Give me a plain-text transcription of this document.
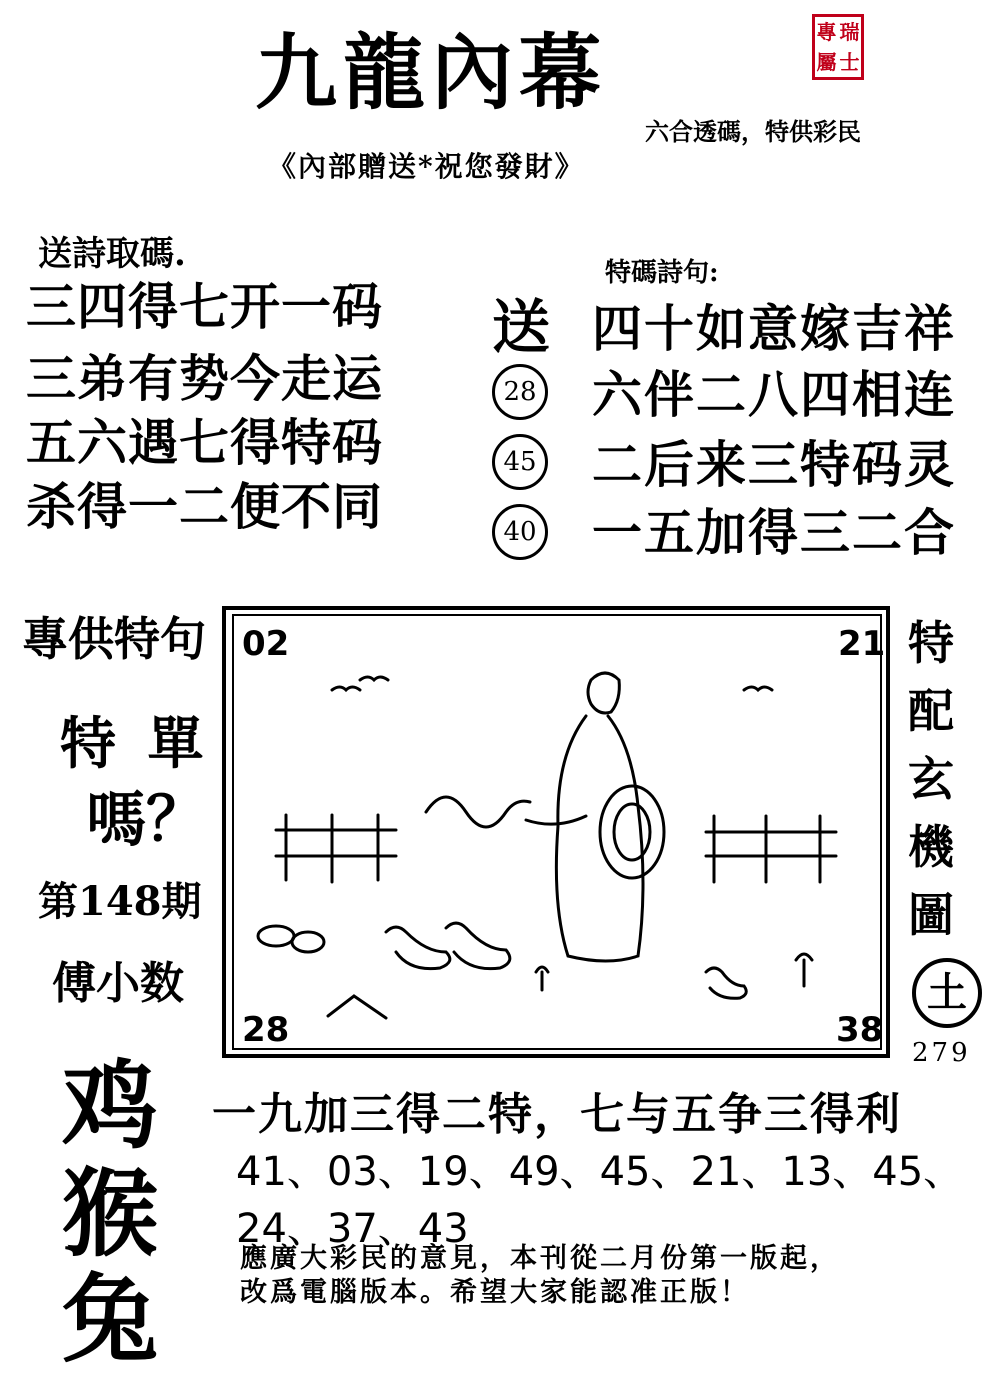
九龍內幕
六合透碼，特供彩民
《內部贈送*祝您發財》
專 瑞
屬 士
送詩取碼.
三四得七开一码
三弟有势今走运
五六遇七得特码
杀得一二便不同
特碼詩句:
送
28
45
40
四十如意嫁吉祥
六伴二八四相连
二后来三特码灵
一五加得三二合
專供特句
特 單
嗎？
第148期
傅小数
02	21
28	38
特
配
玄
機
圖
土
279
鸡
猴
兔
一九加三得二特，七与五争三得利
41、03、19、49、45、21、13、45、24、37、43
應廣大彩民的意見，本刊從二月份第一版起，
改爲電腦版本。希望大家能認准正版！
